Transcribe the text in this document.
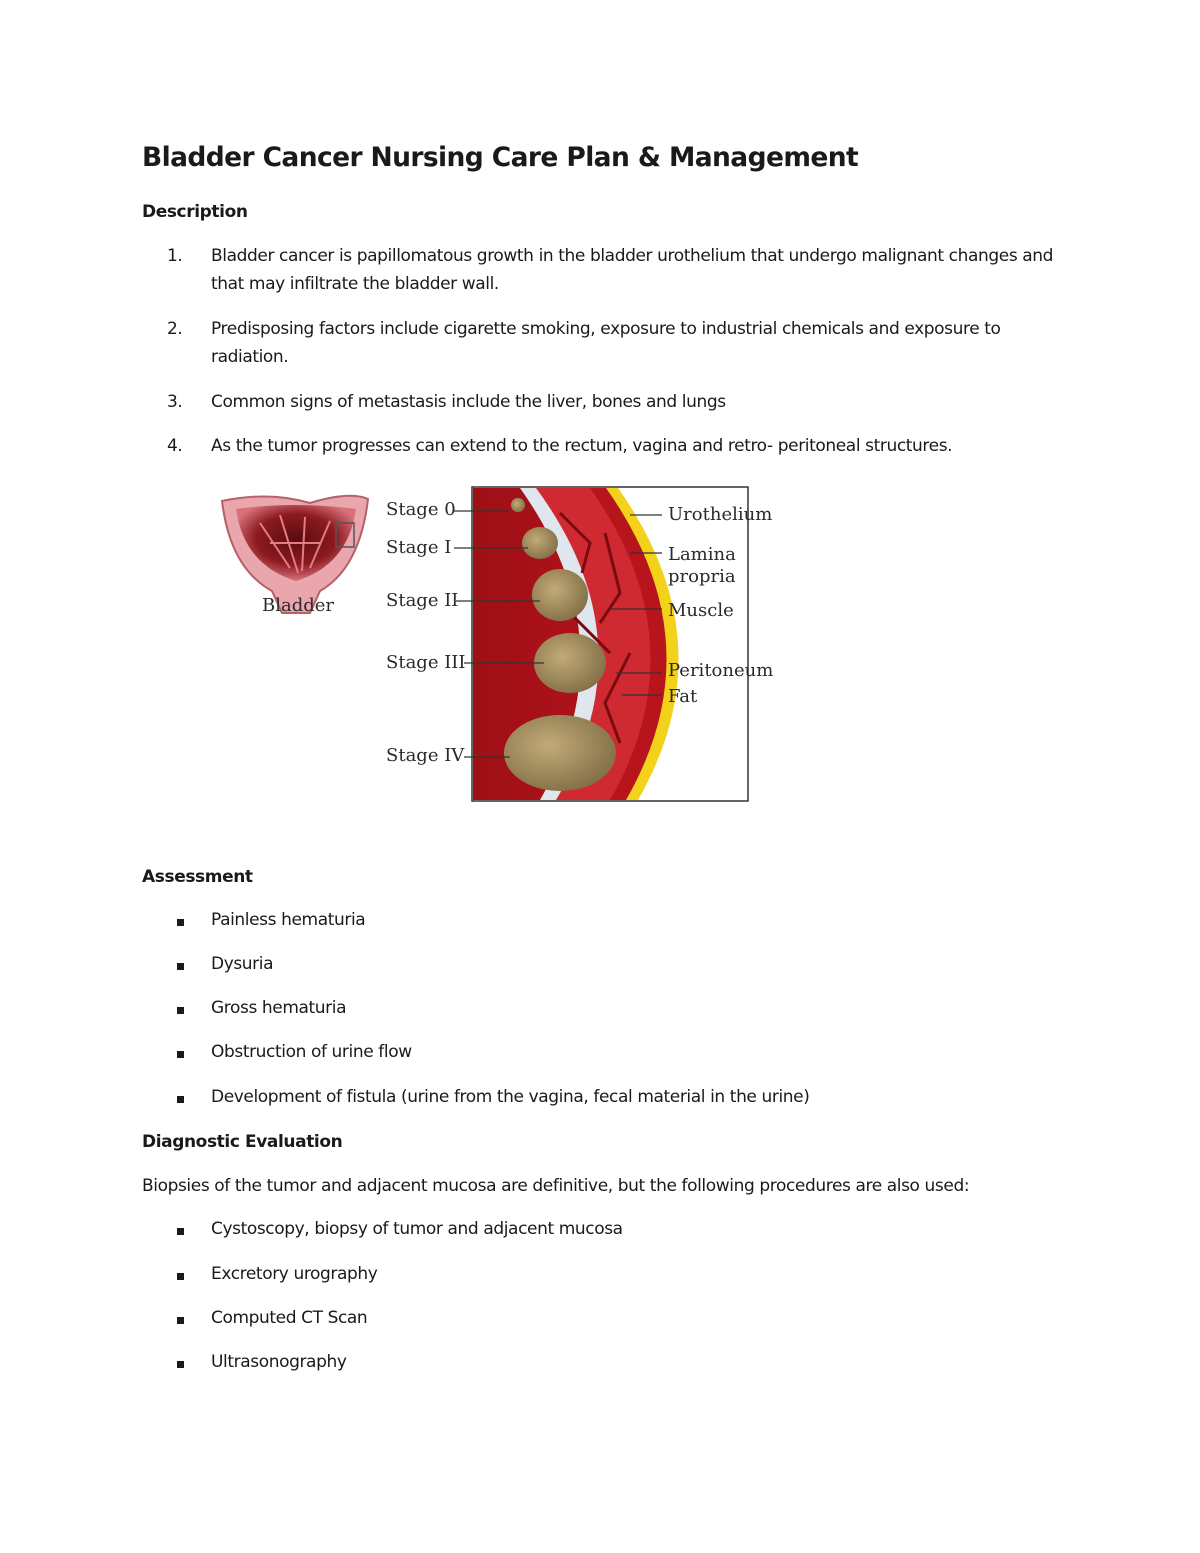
Bladder Cancer Nursing Care Plan & Management
Description
1. Bladder cancer is papillomatous growth in the bladder urothelium that undergo malignant changes and that may infiltrate the bladder wall.
2. Predisposing factors include cigarette smoking, exposure to industrial chemicals and exposure to radiation.
3. Common signs of metastasis include the liver, bones and lungs
4. As the tumor progresses can extend to the rectum, vagina and retro- peritoneal structures.
Bladder
Stage 0
Stage I
Stage II
Stage III
Stage IV
Urothelium
Lamina
propria
Muscle
Peritoneum
Fat
Assessment
Painless hematuria
Dysuria
Gross hematuria
Obstruction of urine flow
Development of fistula (urine from the vagina, fecal material in the urine)
Diagnostic Evaluation
Biopsies of the tumor and adjacent mucosa are definitive, but the following procedures are also used:
Cystoscopy, biopsy of tumor and adjacent mucosa
Excretory urography
Computed CT Scan
Ultrasonography
